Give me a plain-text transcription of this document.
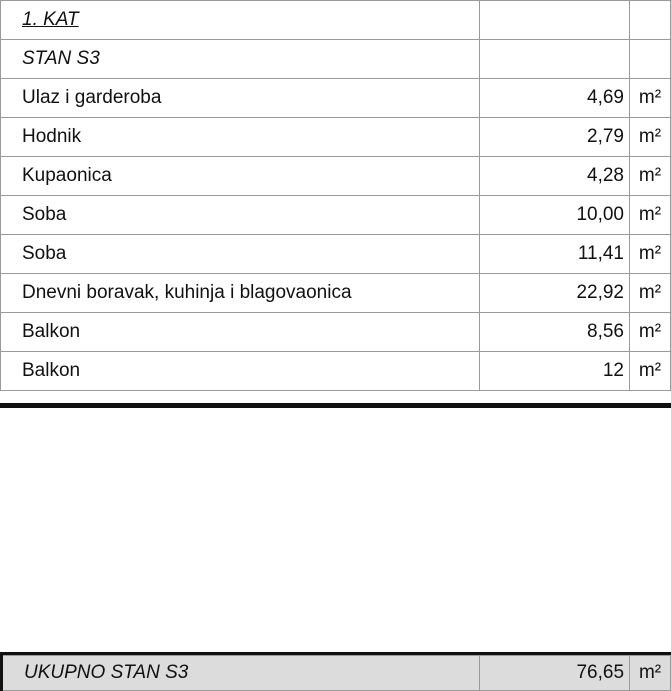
1. KAT		
STAN S3		
Ulaz i garderoba	4,69	m²
Hodnik	2,79	m²
Kupaonica	4,28	m²
Soba	10,00	m²
Soba	11,41	m²
Dnevni boravak, kuhinja i blagovaonica	22,92	m²
Balkon	8,56	m²
Balkon	12	m²
UKUPNO STAN S3	76,65	m²
